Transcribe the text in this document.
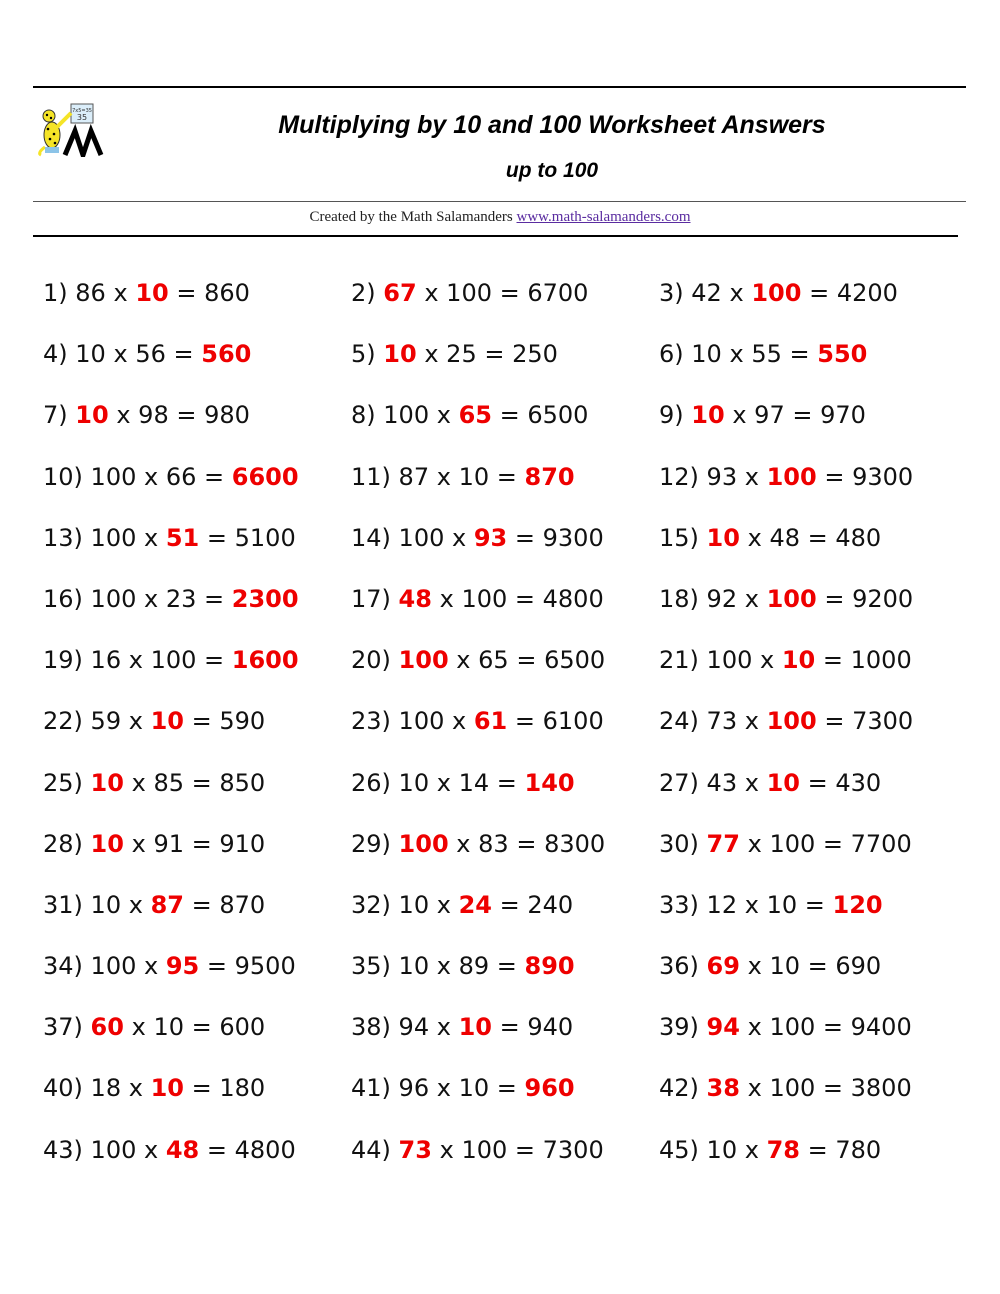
7x5=35
35	Multiplying by 10 and 100 Worksheet Answers
up to 100
Created by the Math Salamanders www.math-salamanders.com
1) 86 x 10 = 860	2) 67 x 100 = 6700	3) 42 x 100 = 4200
4) 10 x 56 = 560	5) 10 x 25 = 250	6) 10 x 55 = 550
7) 10 x 98 = 980	8) 100 x 65 = 6500	9) 10 x 97 = 970
10) 100 x 66 = 6600	11) 87 x 10 = 870	12) 93 x 100 = 9300
13) 100 x 51 = 5100	14) 100 x 93 = 9300	15) 10 x 48 = 480
16) 100 x 23 = 2300	17) 48 x 100 = 4800	18) 92 x 100 = 9200
19) 16 x 100 = 1600	20) 100 x 65 = 6500	21) 100 x 10 = 1000
22) 59 x 10 = 590	23) 100 x 61 = 6100	24) 73 x 100 = 7300
25) 10 x 85 = 850	26) 10 x 14 = 140	27) 43 x 10 = 430
28) 10 x 91 = 910	29) 100 x 83 = 8300	30) 77 x 100 = 7700
31) 10 x 87 = 870	32) 10 x 24 = 240	33) 12 x 10 = 120
34) 100 x 95 = 9500	35) 10 x 89 = 890	36) 69 x 10 = 690
37) 60 x 10 = 600	38) 94 x 10 = 940	39) 94 x 100 = 9400
40) 18 x 10 = 180	41) 96 x 10 = 960	42) 38 x 100 = 3800
43) 100 x 48 = 4800	44) 73 x 100 = 7300	45) 10 x 78 = 780
